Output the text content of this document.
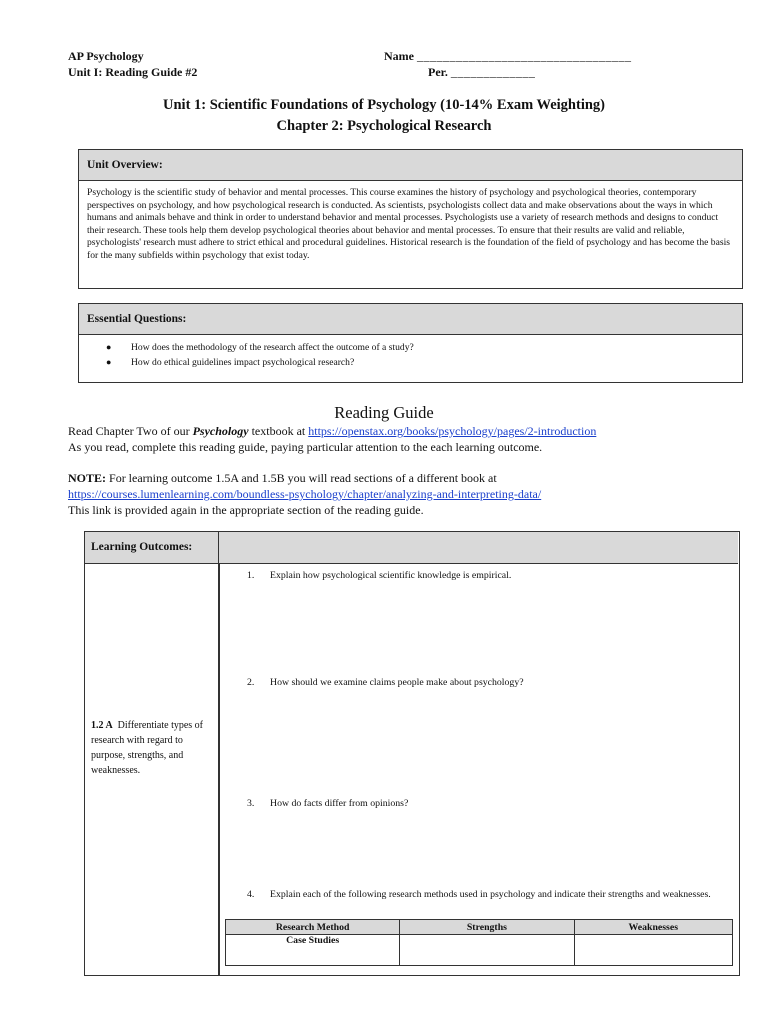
AP Psychology
Unit I: Reading Guide #2
Name _________________________________
Per. _____________
Unit 1: Scientific Foundations of Psychology (10-14% Exam Weighting)
Chapter 2: Psychological Research
Unit Overview:
Psychology is the scientific study of behavior and mental processes. This course examines the history of psychology and psychological theories, contemporary perspectives on psychology, and how psychological research is conducted. As scientists, psychologists collect data and make observations about the ways in which humans and animals behave and think in order to understand behavior and mental processes. Psychologists use a variety of research methods and designs to conduct their research. These tools help them develop psychological theories about behavior and mental processes. To ensure that their results are valid and reliable, psychologists' research must adhere to strict ethical and procedural guidelines. Historical research is the foundation of the field of psychology and has become the basis for the many subfields within psychology that exist today.
Essential Questions:
● How does the methodology of the research affect the outcome of a study?
● How do ethical guidelines impact psychological research?
Reading Guide
Read Chapter Two of our Psychology textbook at https://openstax.org/books/psychology/pages/2-introduction
As you read, complete this reading guide, paying particular attention to the each learning outcome.
NOTE: For learning outcome 1.5A and 1.5B you will read sections of a different book at
https://courses.lumenlearning.com/boundless-psychology/chapter/analyzing-and-interpreting-data/
This link is provided again in the appropriate section of the reading guide.
Learning Outcomes:
1.2 A Differentiate types of research with regard to purpose, strengths, and weaknesses.
1.	Explain how psychological scientific knowledge is empirical.
2.	How should we examine claims people make about psychology?
3.	How do facts differ from opinions?
4.	Explain each of the following research methods used in psychology and indicate their strengths and weaknesses.
Research Method	Strengths	Weaknesses
Case Studies		
